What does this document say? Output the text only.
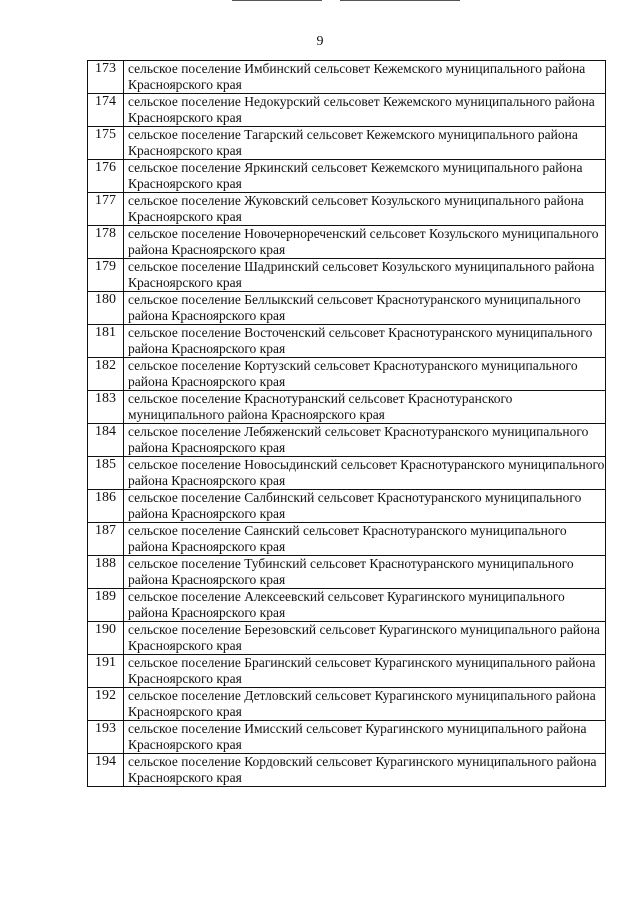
9
173	сельское поселение Имбинский сельсовет Кежемского муниципального района Красноярского края
174	сельское поселение Недокурский сельсовет Кежемского муниципального района Красноярского края
175	сельское поселение Тагарский сельсовет Кежемского муниципального района Красноярского края
176	сельское поселение Яркинский сельсовет Кежемского муниципального района Красноярского края
177	сельское поселение Жуковский сельсовет Козульского муниципального района Красноярского края
178	сельское поселение Новочернореченский сельсовет Козульского муниципального района Красноярского края
179	сельское поселение Шадринский сельсовет Козульского муниципального района Красноярского края
180	сельское поселение Беллыкский сельсовет Краснотуранского муниципального района Красноярского края
181	сельское поселение Восточенский сельсовет Краснотуранского муниципального района Красноярского края
182	сельское поселение Кортузский сельсовет Краснотуранского муниципального района Красноярского края
183	сельское поселение Краснотуранский сельсовет Краснотуранского муниципального района Красноярского края
184	сельское поселение Лебяженский сельсовет Краснотуранского муниципального района Красноярского края
185	сельское поселение Новосыдинский сельсовет Краснотуранского муниципального района Красноярского края
186	сельское поселение Салбинский сельсовет Краснотуранского муниципального района Красноярского края
187	сельское поселение Саянский сельсовет Краснотуранского муниципального района Красноярского края
188	сельское поселение Тубинский сельсовет Краснотуранского муниципального района Красноярского края
189	сельское поселение Алексеевский сельсовет Курагинского муниципального района Красноярского края
190	сельское поселение Березовский сельсовет Курагинского муниципального района Красноярского края
191	сельское поселение Брагинский сельсовет Курагинского муниципального района Красноярского края
192	сельское поселение Детловский сельсовет Курагинского муниципального района Красноярского края
193	сельское поселение Имисский сельсовет Курагинского муниципального района Красноярского края
194	сельское поселение Кордовский сельсовет Курагинского муниципального района Красноярского края
